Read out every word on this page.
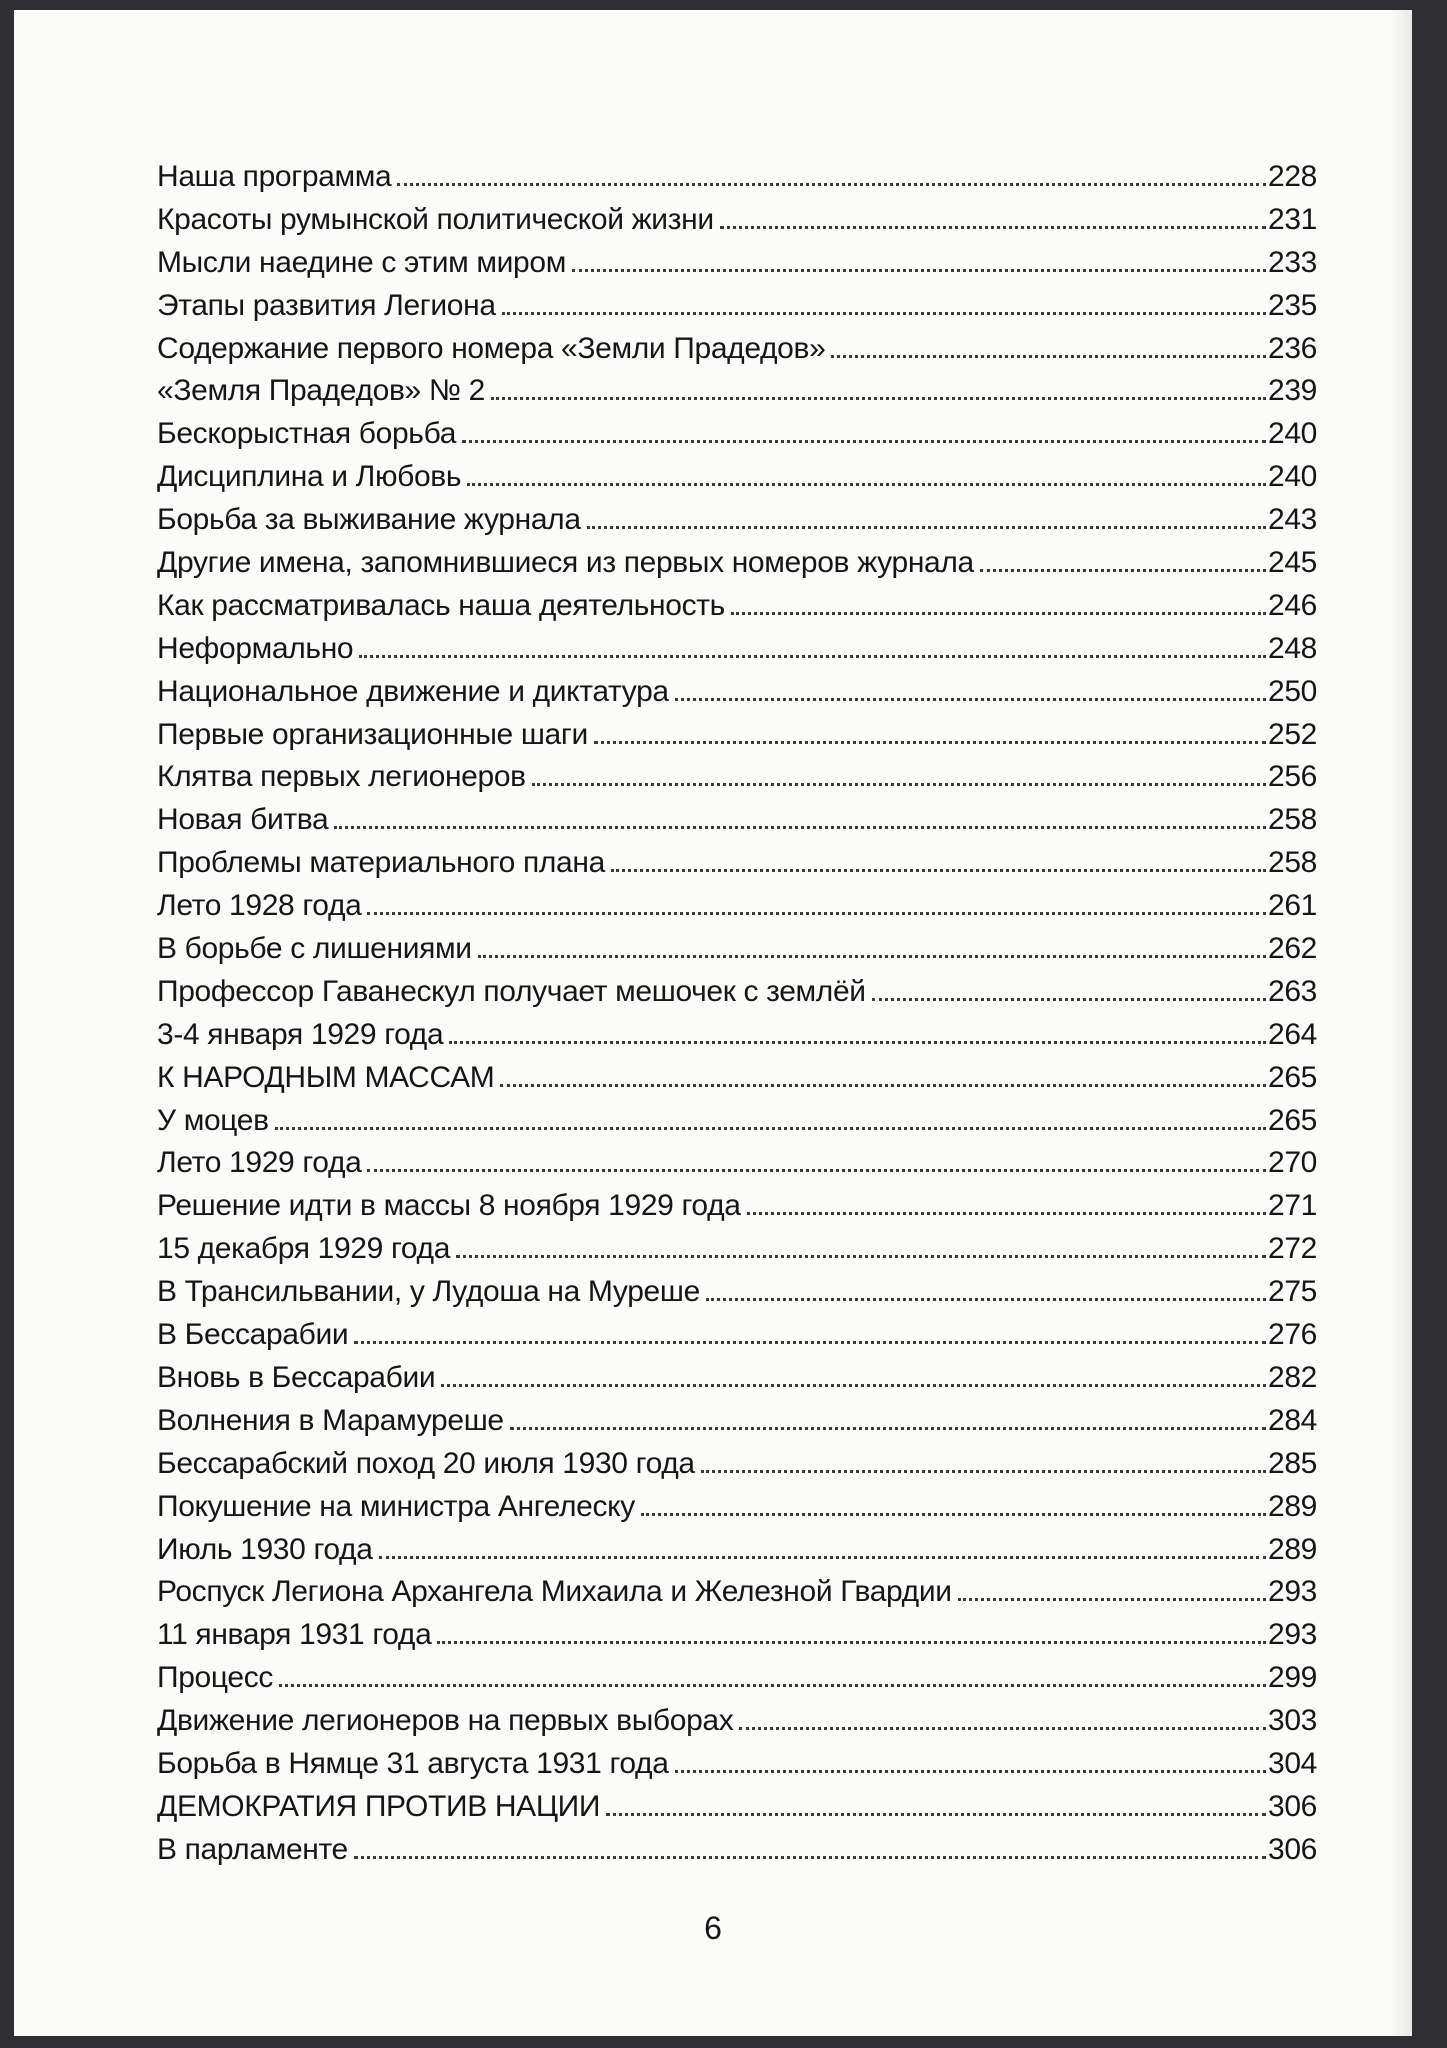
Наша программа	228
Красоты румынской политической жизни	231
Мысли наедине с этим миром	233
Этапы развития Легиона	235
Содержание первого номера «Земли Прадедов»	236
«Земля Прадедов» № 2	239
Бескорыстная борьба	240
Дисциплина и Любовь	240
Борьба за выживание журнала	243
Другие имена, запомнившиеся из первых номеров журнала	245
Как рассматривалась наша деятельность	246
Неформально	248
Национальное движение и диктатура	250
Первые организационные шаги	252
Клятва первых легионеров	256
Новая битва	258
Проблемы материального плана	258
Лето 1928 года	261
В борьбе с лишениями	262
Профессор Гаванескул получает мешочек с землёй	263
3-4 января 1929 года	264
К НАРОДНЫМ МАССАМ	265
У моцев	265
Лето 1929 года	270
Решение идти в массы 8 ноября 1929 года	271
15 декабря 1929 года	272
В Трансильвании, у Лудоша на Муреше	275
В Бессарабии	276
Вновь в Бессарабии	282
Волнения в Марамуреше	284
Бессарабский поход 20 июля 1930 года	285
Покушение на министра Ангелеску	289
Июль 1930 года	289
Роспуск Легиона Архангела Михаила и Железной Гвардии	293
11 января 1931 года	293
Процесс	299
Движение легионеров на первых выборах	303
Борьба в Нямце 31 августа 1931 года	304
ДЕМОКРАТИЯ ПРОТИВ НАЦИИ	306
В парламенте	306
6
